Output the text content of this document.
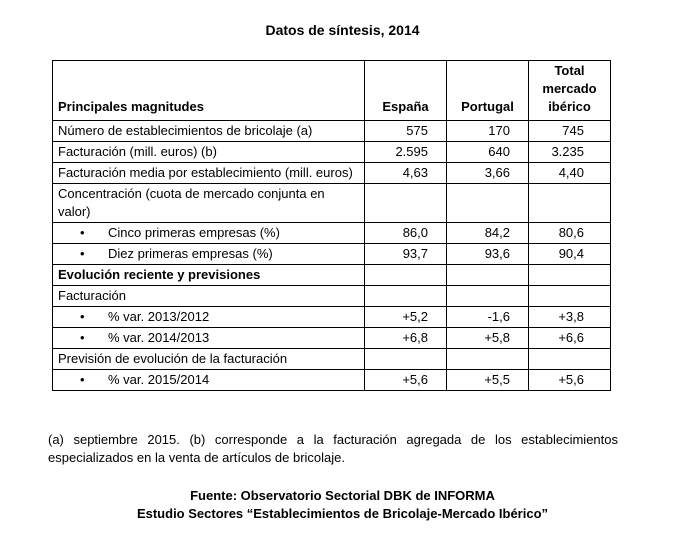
Datos de síntesis, 2014
Principales magnitudes	España	Portugal	Total
mercado
ibérico
Número de establecimientos de bricolaje (a)	575	170	745
Facturación (mill. euros) (b)	2.595	640	3.235
Facturación media por establecimiento (mill. euros)	4,63	3,66	4,40
Concentración (cuota de mercado conjunta en valor)			
• Cinco primeras empresas (%)	86,0	84,2	80,6
• Diez primeras empresas (%)	93,7	93,6	90,4
Evolución reciente y previsiones			
Facturación			
• % var. 2013/2012	+5,2	-1,6	+3,8
• % var. 2014/2013	+6,8	+5,8	+6,6
Previsión de evolución de la facturación			
• % var. 2015/2014	+5,6	+5,5	+5,6
(a) septiembre 2015. (b) corresponde a la facturación agregada de los establecimientos especializados en la venta de artículos de bricolaje.
Fuente: Observatorio Sectorial DBK de INFORMA
Estudio Sectores “Establecimientos de Bricolaje-Mercado Ibérico”
